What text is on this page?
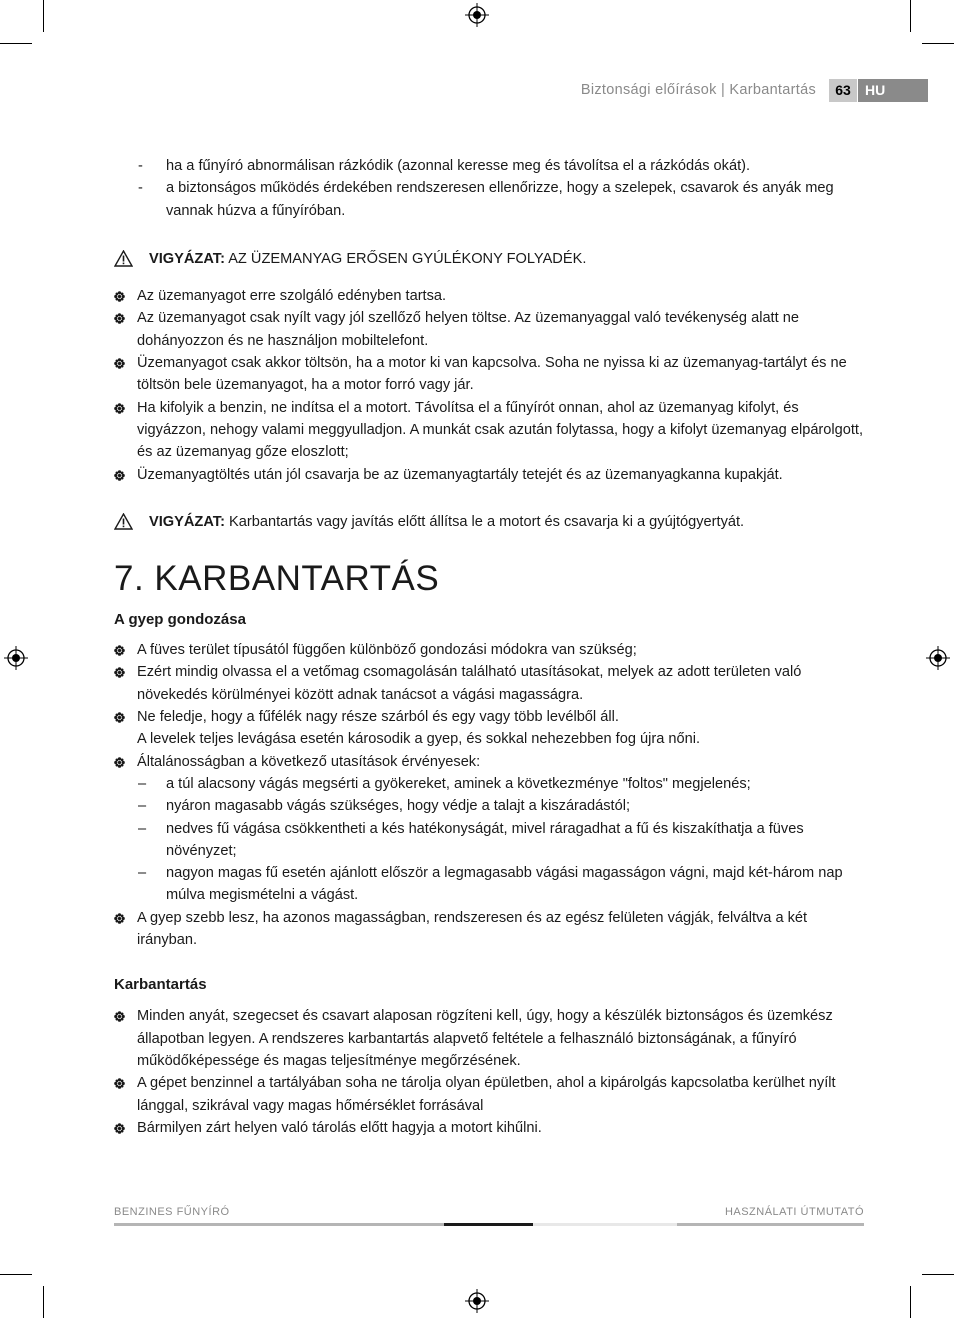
Biztonsági előírások | Karbantartás	63	HU
- ha a fűnyíró abnormálisan rázkódik (azonnal keresse meg és távolítsa el a rázkódás okát).
- a biztonságos működés érdekében rendszeresen ellenőrizze, hogy a szelepek, csavarok és anyák meg vannak húzva a fűnyíróban.
VIGYÁZAT: AZ ÜZEMANYAG ERŐSEN GYÚLÉKONY FOLYADÉK.
Az üzemanyagot erre szolgáló edényben tartsa.
Az üzemanyagot csak nyílt vagy jól szellőző helyen töltse. Az üzemanyaggal való tevékenység alatt ne dohányozzon és ne használjon mobiltelefont.
Üzemanyagot csak akkor töltsön, ha a motor ki van kapcsolva. Soha ne nyissa ki az üzemanyag-tartályt és ne töltsön bele üzemanyagot, ha a motor forró vagy jár.
Ha kifolyik a benzin, ne indítsa el a motort. Távolítsa el a fűnyírót onnan, ahol az üzemanyag kifolyt, és vigyázzon, nehogy valami meggyulladjon. A munkát csak azután folytassa, hogy a kifolyt üzemanyag elpárolgott, és az üzemanyag gőze eloszlott;
Üzemanyagtöltés után jól csavarja be az üzemanyagtartály tetejét és az üzemanyagkanna kupakját.
VIGYÁZAT: Karbantartás vagy javítás előtt állítsa le a motort és csavarja ki a gyújtógyertyát.
7. KARBANTARTÁS
A gyep gondozása
A füves terület típusától függően különböző gondozási módokra van szükség;
Ezért mindig olvassa el a vetőmag csomagolásán található utasításokat, melyek az adott területen való növekedés körülményei között adnak tanácsot a vágási magasságra.
Ne feledje, hogy a fűfélék nagy része szárból és egy vagy több levélből áll.
A levelek teljes levágása esetén károsodik a gyep, és sokkal nehezebben fog újra nőni.
Általánosságban a következő utasítások érvényesek:
– a túl alacsony vágás megsérti a gyökereket, aminek a következménye "foltos" megjelenés;
– nyáron magasabb vágás szükséges, hogy védje a talajt a kiszáradástól;
– nedves fű vágása csökkentheti a kés hatékonyságát, mivel ráragadhat a fű és kiszakíthatja a füves növényzet;
– nagyon magas fű esetén ajánlott először a legmagasabb vágási magasságon vágni, majd két-három nap múlva megismételni a vágást.
A gyep szebb lesz, ha azonos magasságban, rendszeresen és az egész felületen vágják, felváltva a két irányban.
Karbantartás
Minden anyát, szegecset és csavart alaposan rögzíteni kell, úgy, hogy a készülék biztonságos és üzemkész állapotban legyen. A rendszeres karbantartás alapvető feltétele a felhasználó biztonságának, a fűnyíró működőképessége és magas teljesítménye megőrzésének.
A gépet benzinnel a tartályában soha ne tárolja olyan épületben, ahol a kipárolgás kapcsolatba kerülhet nyílt lánggal, szikrával vagy magas hőmérséklet forrásával
Bármilyen zárt helyen való tárolás előtt hagyja a motort kihűlni.
BENZINES FŰNYÍRÓ	HASZNÁLATI ÚTMUTATÓ
